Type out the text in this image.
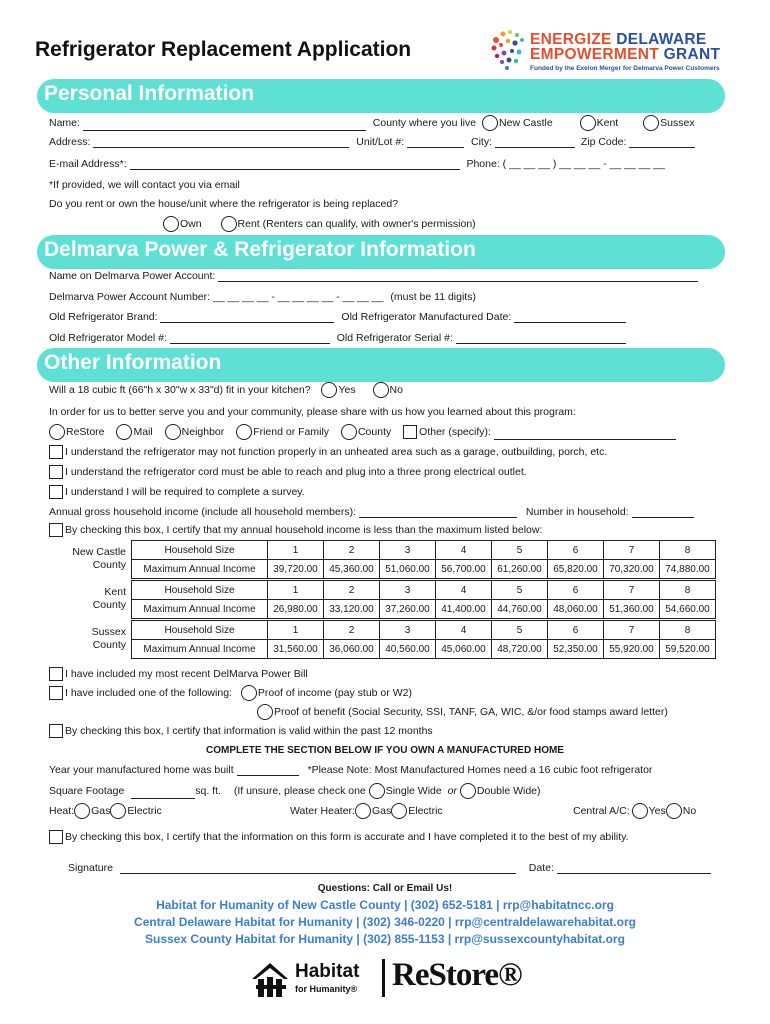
Refrigerator Replacement Application	ENERGIZE DELAWARE
EMPOWERMENT GRANT
Funded by the Exelon Merger for Delmarva Power Customers
Personal Information
Name:	County where you live New Castle	Kent	Sussex
Address:	Unit/Lot #:	City:	Zip Code:
E-mail Address*:	Phone: ( __ __ __ ) __ __ __ - __ __ __ __
*If provided, we will contact you via email
Do you rent or own the house/unit where the refrigerator is being replaced?
Own	Rent (Renters can qualify, with owner's permission)
Delmarva Power & Refrigerator Information
Name on Delmarva Power Account:
Delmarva Power Account Number: __ __ __ __ - __ __ __ __ - __ __ __ (must be 11 digits)
Old Refrigerator Brand:	Old Refrigerator Manufactured Date:
Old Refrigerator Model #:	Old Refrigerator Serial #:
Other Information
Will a 18 cubic ft (66"h x 30"w x 33"d) fit in your kitchen?	Yes	No
In order for us to better serve you and your community, please share with us how you learned about this program:
ReStore	Mail	Neighbor	Friend or Family	County	Other (specify):
I understand the refrigerator may not function properly in an unheated area such as a garage, outbuilding, porch, etc.
I understand the refrigerator cord must be able to reach and plug into a three prong electrical outlet.
I understand I will be required to complete a survey.
Annual gross household income (include all household members):	Number in household:
By checking this box, I certify that my annual household income is less than the maximum listed below:
New Castle
County
Household Size	1	2	3	4	5	6	7	8
Maximum Annual Income	39,720.00	45,360.00	51,060.00	56,700.00	61,260.00	65,820.00	70,320.00	74,880.00
Kent
County
Household Size	1	2	3	4	5	6	7	8
Maximum Annual Income	26,980.00	33,120.00	37,260.00	41,400.00	44,760.00	48,060.00	51,360.00	54,660.00
Sussex
County
Household Size	1	2	3	4	5	6	7	8
Maximum Annual Income	31,560.00	36,060.00	40,560.00	45,060.00	48,720.00	52,350.00	55,920.00	59,520.00
I have included my most recent DelMarva Power Bill
I have included one of the following: Proof of income (pay stub or W2)
Proof of benefit (Social Security, SSI, TANF, GA, WIC, &/or food stamps award letter)
By checking this box, I certify that information is valid within the past 12 months
COMPLETE THE SECTION BELOW IF YOU OWN A MANUFACTURED HOME
Year your manufactured home was built	*Please Note: Most Manufactured Homes need a 16 cubic foot refrigerator
Square Footage	sq. ft. (If unsure, please check one Single Wide or Double Wide)
Heat: Gas Electric	Water Heater: Gas Electric	Central A/C: Yes No
By checking this box, I certify that the information on this form is accurate and I have completed it to the best of my ability.
Signature	Date:
Questions: Call or Email Us!
Habitat for Humanity of New Castle County | (302) 652-5181 | rrp@habitatncc.org
Central Delaware Habitat for Humanity | (302) 346-0220 | rrp@centraldelawarehabitat.org
Sussex County Habitat for Humanity | (302) 855-1153 | rrp@sussexcountyhabitat.org
Habitat
for Humanity® ReStore®
